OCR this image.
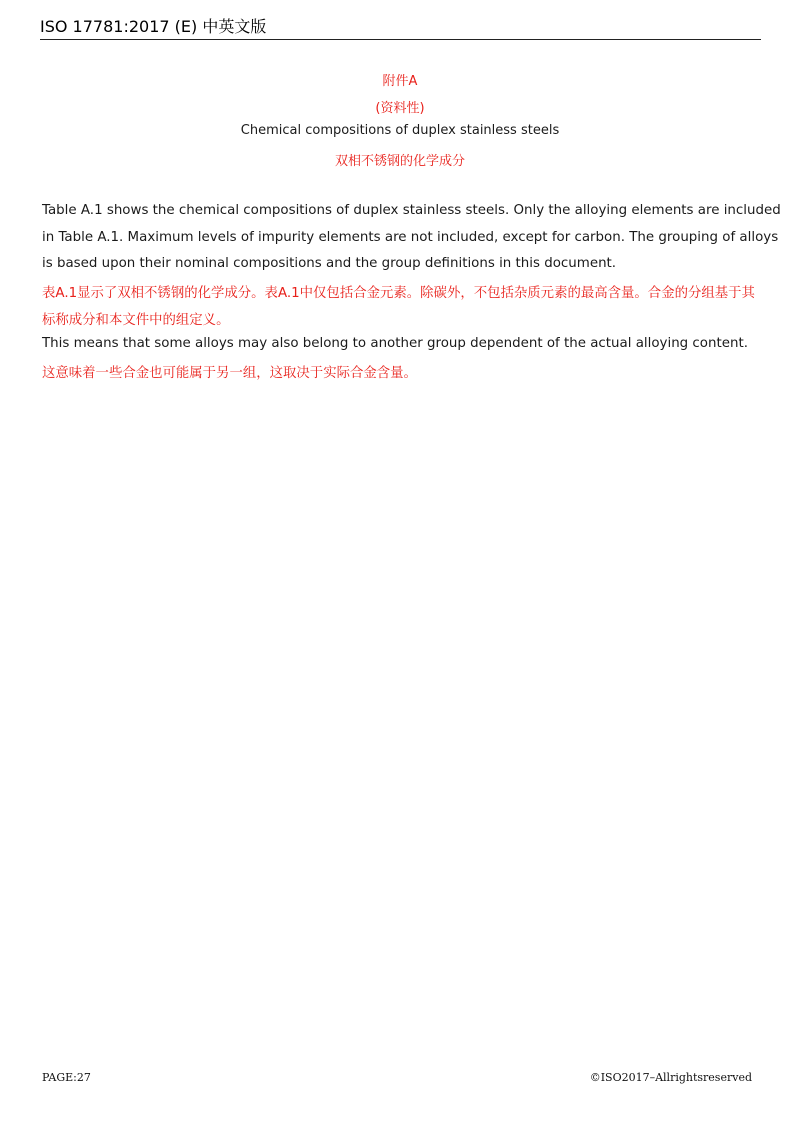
ISO 17781:2017 (E) 中英文版
附件A
(资料性)
Chemical compositions of duplex stainless steels
双相不锈钢的化学成分
Table A.1 shows the chemical compositions of duplex stainless steels. Only the alloying elements are included
in Table A.1. Maximum levels of impurity elements are not included, except for carbon. The grouping of alloys
is based upon their nominal compositions and the group definitions in this document.
表A.1显示了双相不锈钢的化学成分。表A.1中仅包括合金元素。除碳外，不包括杂质元素的最高含量。合金的分组基于其
标称成分和本文件中的组定义。
This means that some alloys may also belong to another group dependent of the actual alloying content.
这意味着一些合金也可能属于另一组，这取决于实际合金含量。
PAGE:27	©ISO2017–Allrightsreserved
